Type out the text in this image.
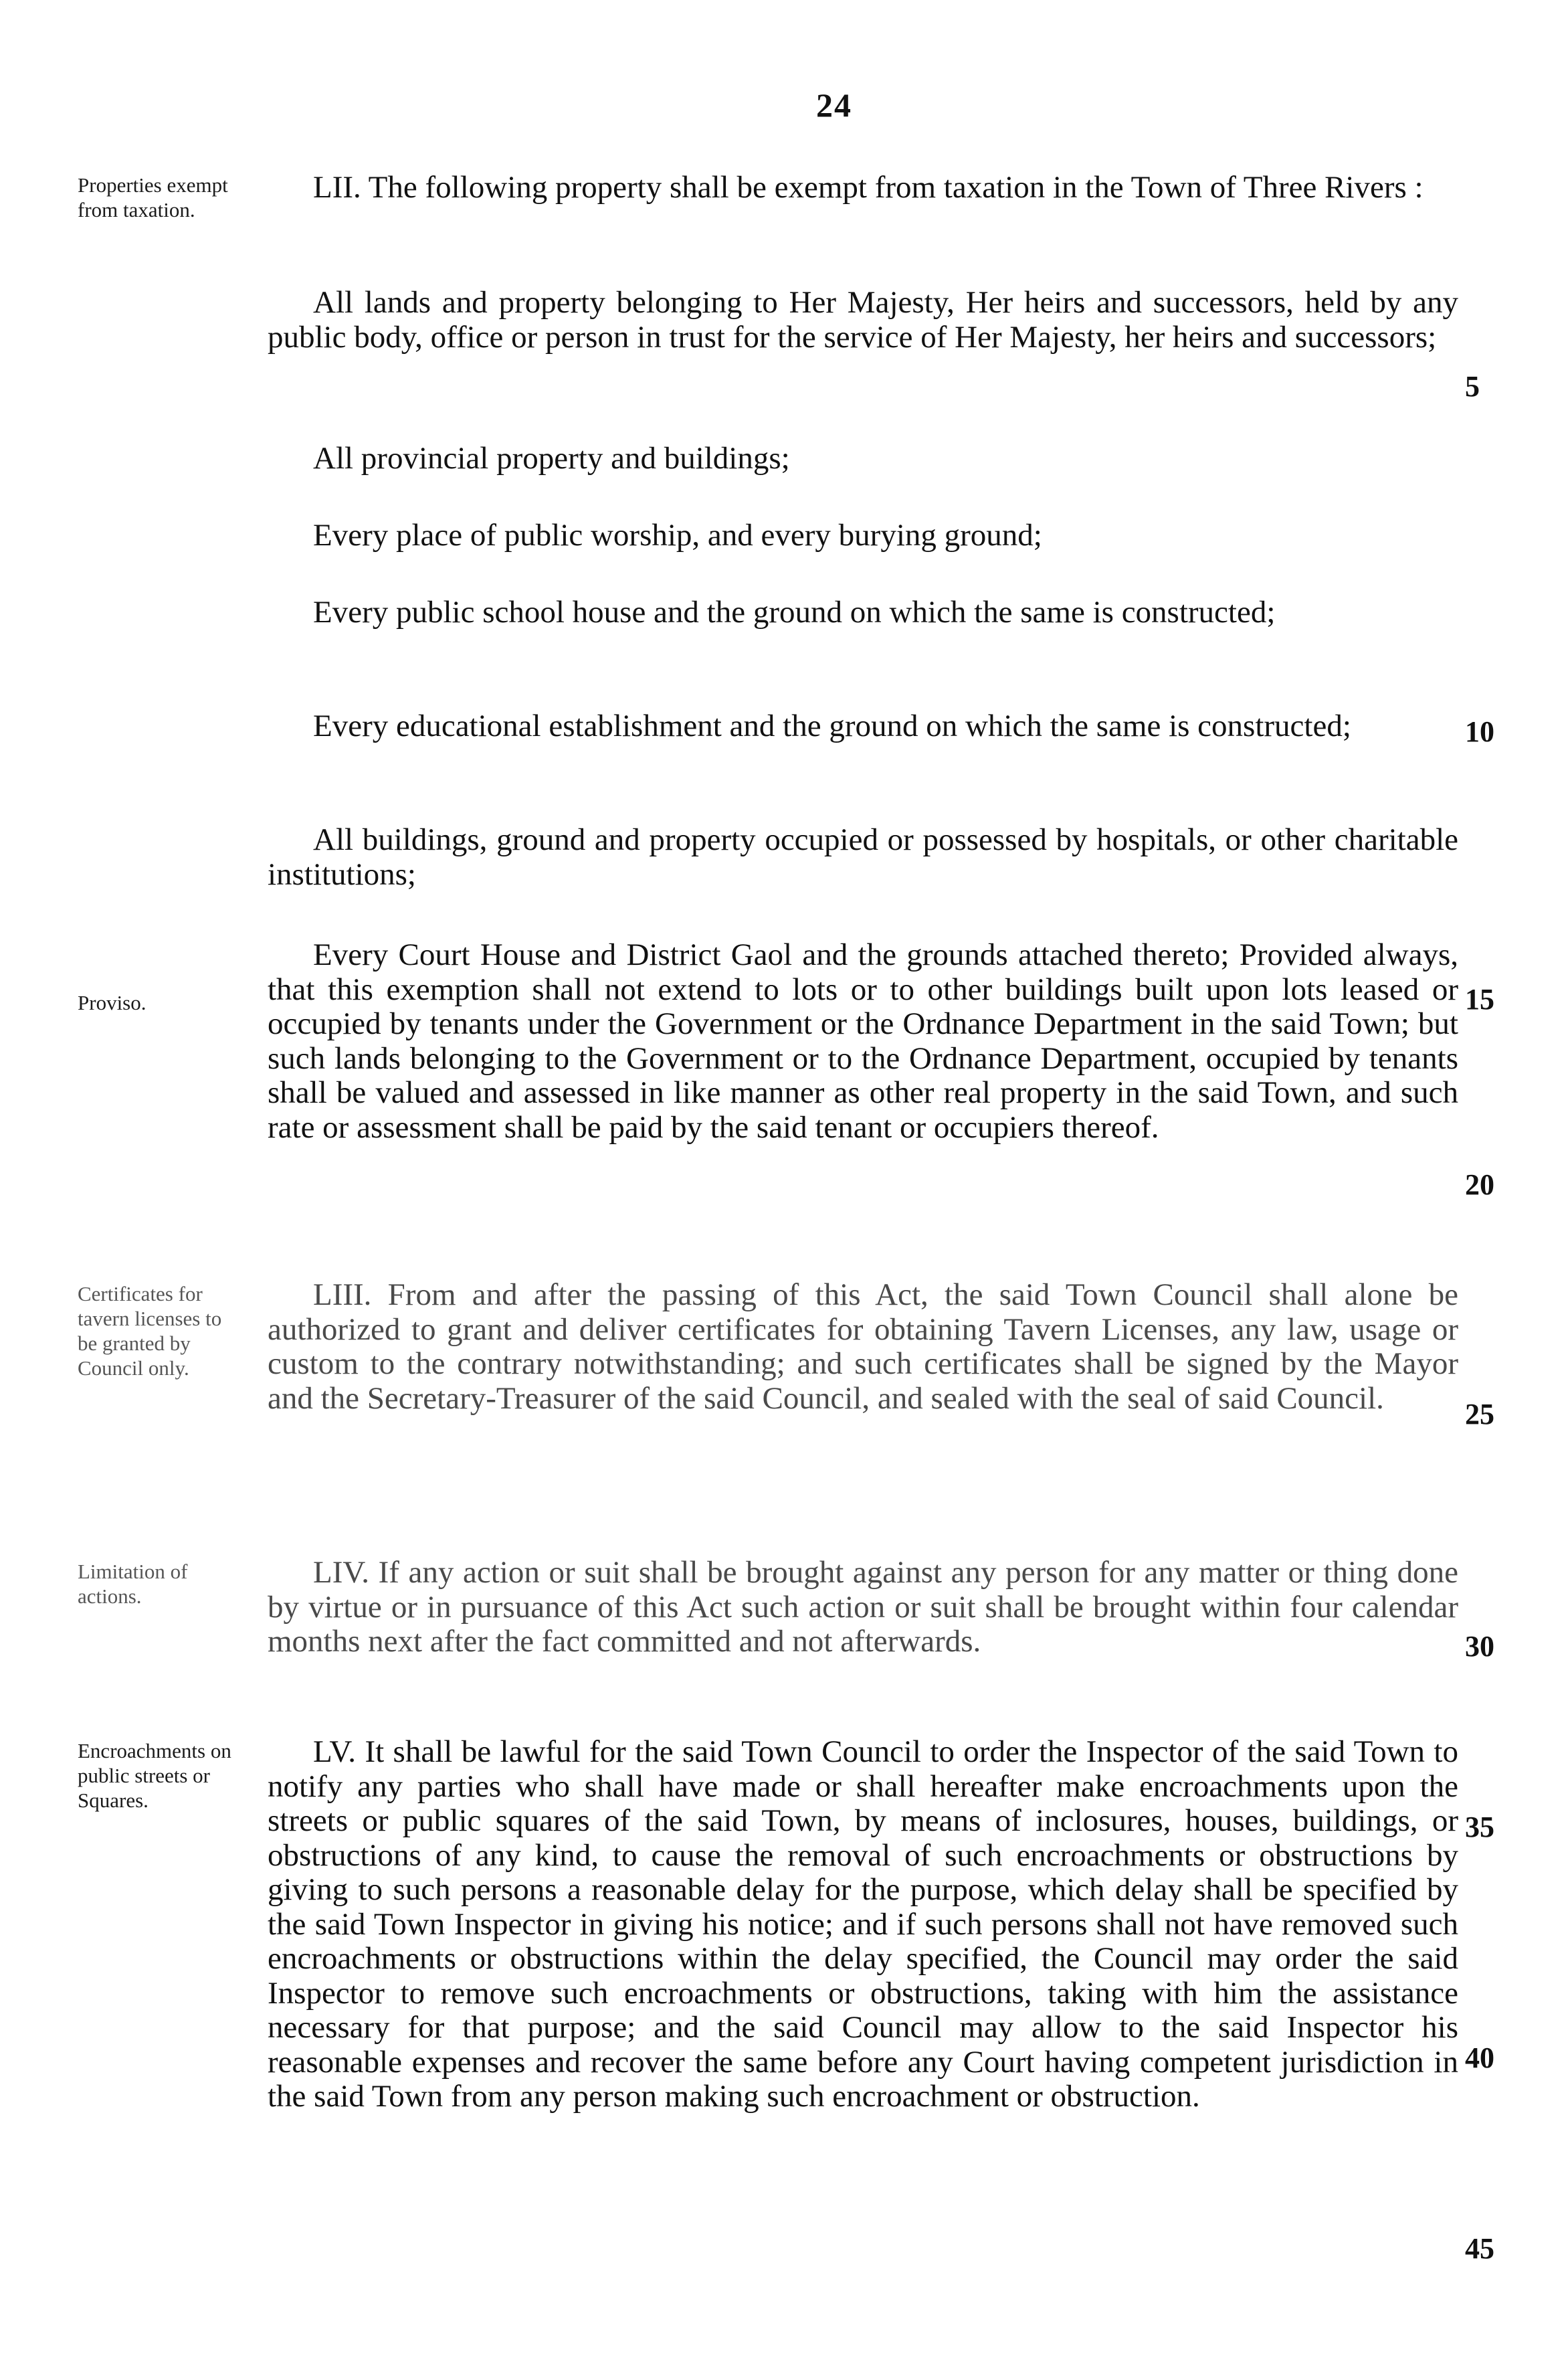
24
Properties exempt from taxation.
Proviso.
Certificates for tavern licenses to be granted by Council only.
Limitation of actions.
Encroachments on public streets or Squares.
LII. The following property shall be exempt from taxation in the Town of Three Rivers :
All lands and property belonging to Her Majesty, Her heirs and successors, held by any public body, office or person in trust for the service of Her Majesty, her heirs and successors;
All provincial property and buildings;
Every place of public worship, and every burying ground;
Every public school house and the ground on which the same is constructed;
Every educational establishment and the ground on which the same is constructed;
All buildings, ground and property occupied or possessed by hospitals, or other charitable institutions;
Every Court House and District Gaol and the grounds attached thereto; Provided always, that this exemption shall not extend to lots or to other buildings built upon lots leased or occupied by tenants under the Government or the Ordnance Department in the said Town; but such lands belonging to the Government or to the Ordnance Department, occupied by tenants shall be valued and assessed in like manner as other real property in the said Town, and such rate or assessment shall be paid by the said tenant or occupiers thereof.
LIII. From and after the passing of this Act, the said Town Council shall alone be authorized to grant and deliver certificates for obtaining Tavern Licenses, any law, usage or custom to the contrary notwithstanding; and such certificates shall be signed by the Mayor and the Secretary-Treasurer of the said Council, and sealed with the seal of said Council.
LIV. If any action or suit shall be brought against any person for any matter or thing done by virtue or in pursuance of this Act such action or suit shall be brought within four calendar months next after the fact committed and not afterwards.
LV. It shall be lawful for the said Town Council to order the Inspector of the said Town to notify any parties who shall have made or shall hereafter make encroachments upon the streets or public squares of the said Town, by means of inclosures, houses, buildings, or obstructions of any kind, to cause the removal of such encroachments or obstructions by giving to such persons a reasonable delay for the purpose, which delay shall be specified by the said Town Inspector in giving his notice; and if such persons shall not have removed such encroachments or obstructions within the delay specified, the Council may order the said Inspector to remove such encroachments or obstructions, taking with him the assistance necessary for that purpose; and the said Council may allow to the said Inspector his reasonable expenses and recover the same before any Court having competent jurisdiction in the said Town from any person making such encroachment or obstruction.
5
10
15
20
25
30
35
40
45
